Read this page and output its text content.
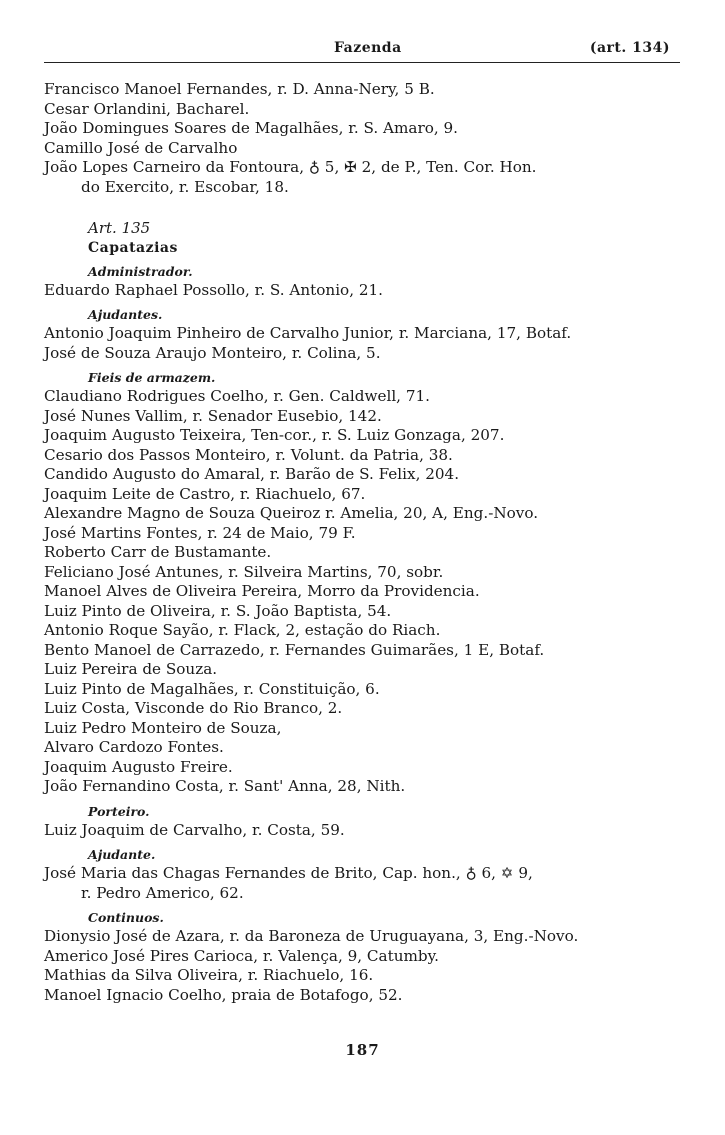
Fazenda	(art. 134)
Francisco Manoel Fernandes, r. D. Anna-Nery, 5 B.
Cesar Orlandini, Bacharel.
João Domingues Soares de Magalhães, r. S. Amaro, 9.
Camillo José de Carvalho
João Lopes Carneiro da Fontoura, ♁ 5, ✠ 2, de P., Ten. Cor. Hon.
do Exercito, r. Escobar, 18.
Art. 135
Capatazias
Administrador.
Eduardo Raphael Possollo, r. S. Antonio, 21.
Ajudantes.
Antonio Joaquim Pinheiro de Carvalho Junior, r. Marciana, 17, Botaf.
José de Souza Araujo Monteiro, r. Colina, 5.
Fieis de armazem.
Claudiano Rodrigues Coelho, r. Gen. Caldwell, 71.
José Nunes Vallim, r. Senador Eusebio, 142.
Joaquim Augusto Teixeira, Ten-cor., r. S. Luiz Gonzaga, 207.
Cesario dos Passos Monteiro, r. Volunt. da Patria, 38.
Candido Augusto do Amaral, r. Barão de S. Felix, 204.
Joaquim Leite de Castro, r. Riachuelo, 67.
Alexandre Magno de Souza Queiroz r. Amelia, 20, A, Eng.-Novo.
José Martins Fontes, r. 24 de Maio, 79 F.
Roberto Carr de Bustamante.
Feliciano José Antunes, r. Silveira Martins, 70, sobr.
Manoel Alves de Oliveira Pereira, Morro da Providencia.
Luiz Pinto de Oliveira, r. S. João Baptista, 54.
Antonio Roque Sayão, r. Flack, 2, estação do Riach.
Bento Manoel de Carrazedo, r. Fernandes Guimarães, 1 E, Botaf.
Luiz Pereira de Souza.
Luiz Pinto de Magalhães, r. Constituição, 6.
Luiz Costa, Visconde do Rio Branco, 2.
Luiz Pedro Monteiro de Souza,
Alvaro Cardozo Fontes.
Joaquim Augusto Freire.
João Fernandino Costa, r. Sant' Anna, 28, Nith.
Porteiro.
Luiz Joaquim de Carvalho, r. Costa, 59.
Ajudante.
José Maria das Chagas Fernandes de Brito, Cap. hon., ♁ 6, ✡ 9,
r. Pedro Americo, 62.
Continuos.
Dionysio José de Azara, r. da Baroneza de Uruguayana, 3, Eng.-Novo.
Americo José Pires Carioca, r. Valença, 9, Catumby.
Mathias da Silva Oliveira, r. Riachuelo, 16.
Manoel Ignacio Coelho, praia de Botafogo, 52.
187
